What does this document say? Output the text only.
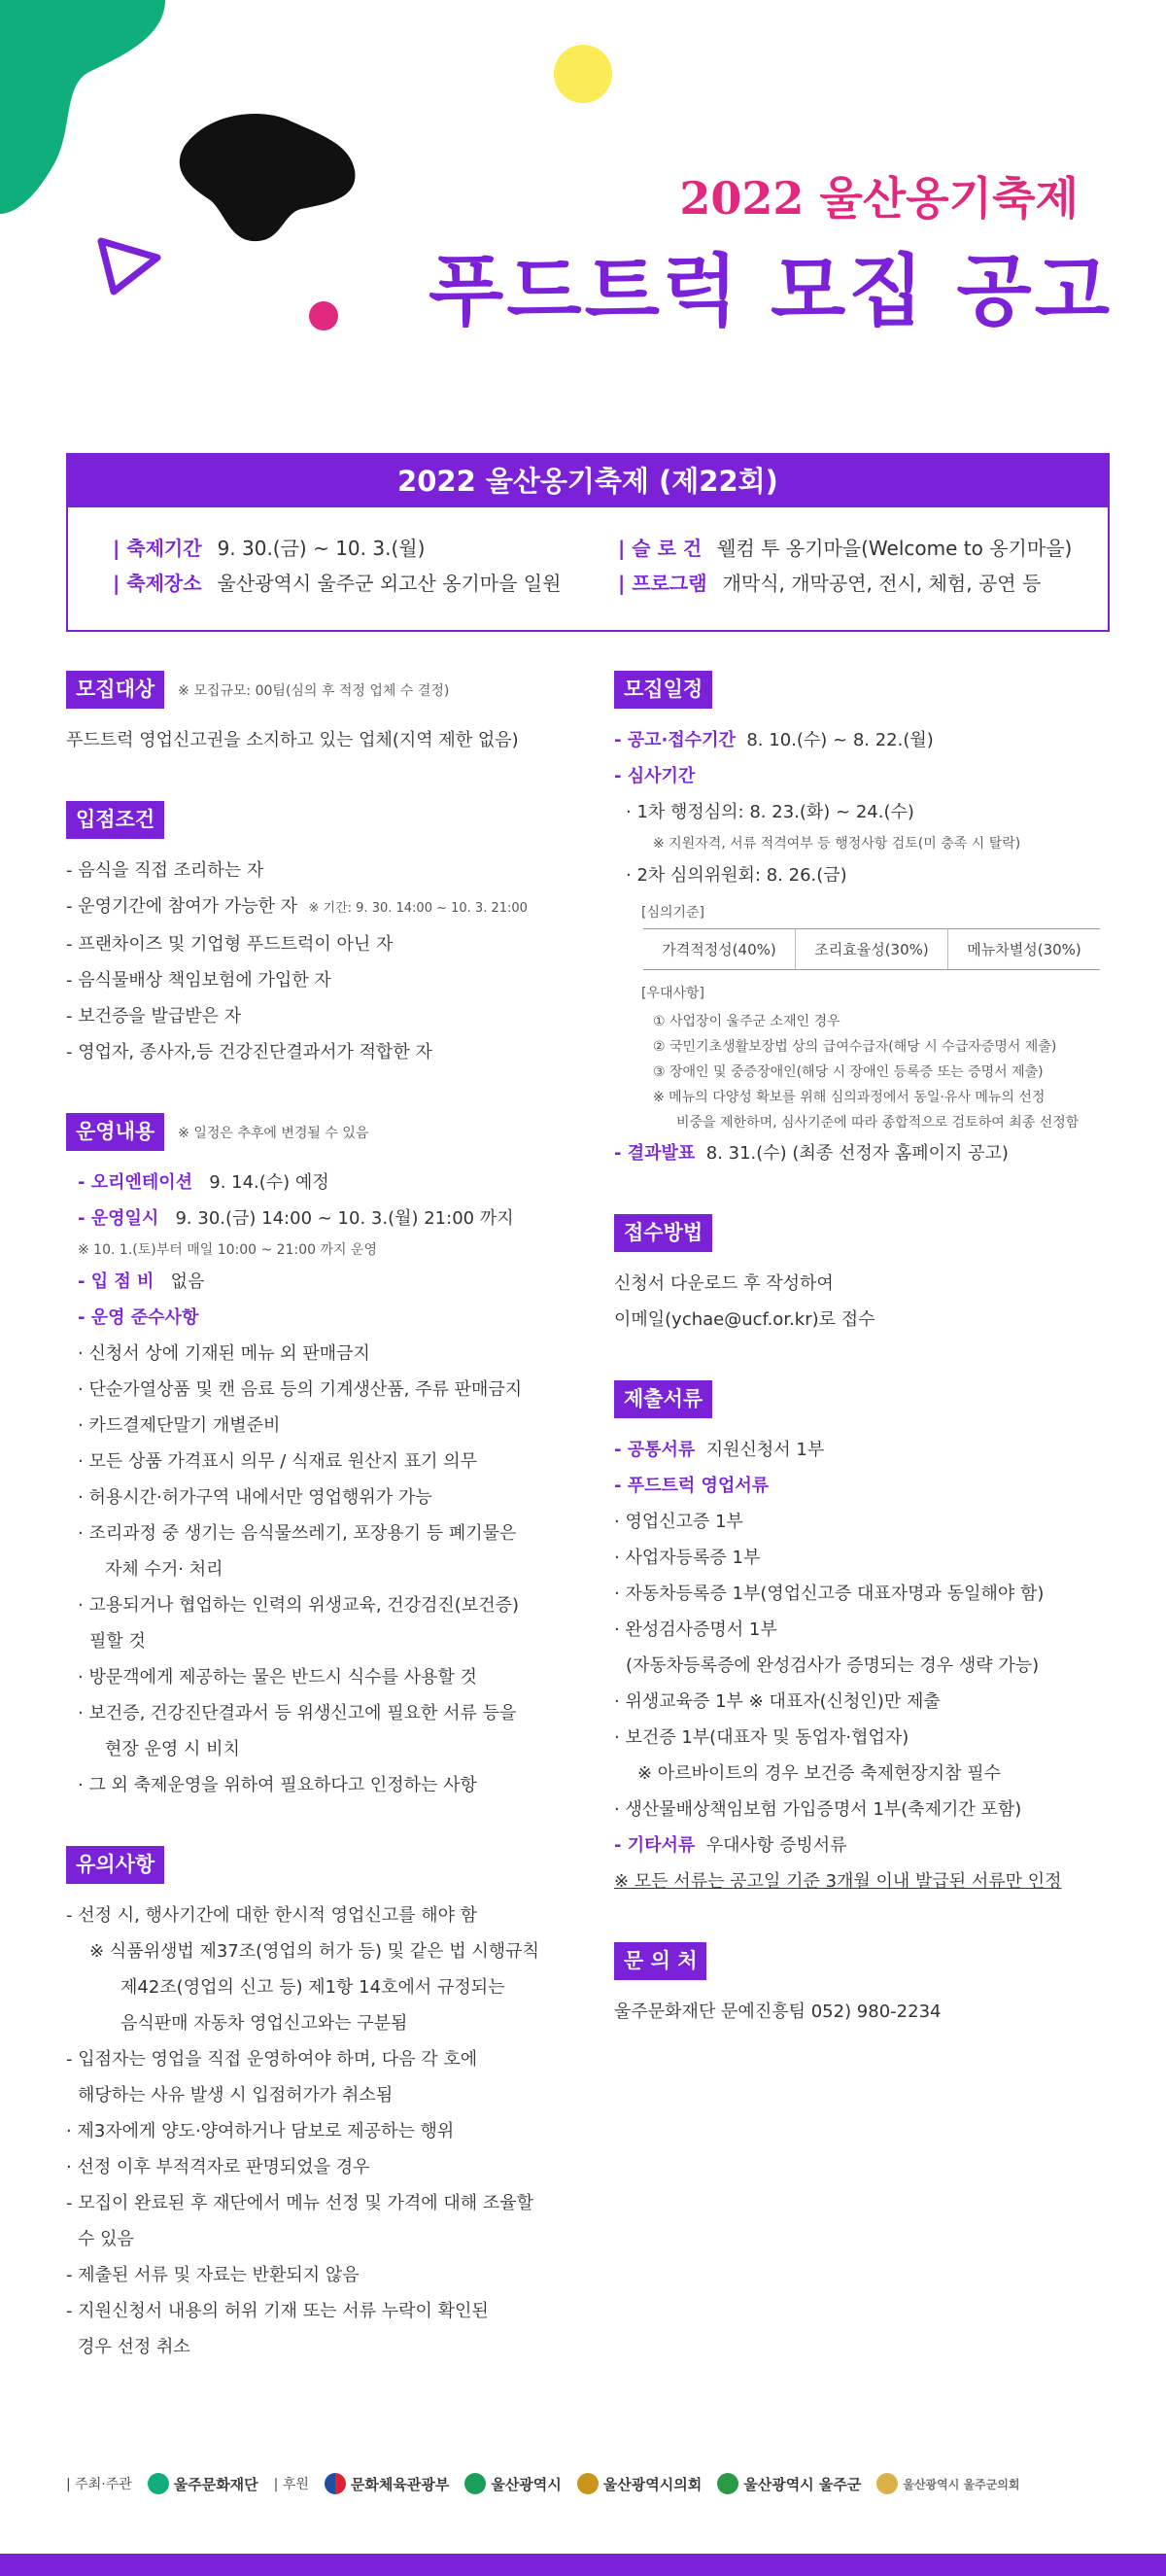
2022 울산옹기축제
푸드트럭 모집 공고
2022 울산옹기축제 (제22회)
| 축제기간 9. 30.(금) ~ 10. 3.(월)	| 슬 로 건 웰컴 투 옹기마을(Welcome to 옹기마을)
| 축제장소 울산광역시 울주군 외고산 옹기마을 일원	| 프로그램 개막식, 개막공연, 전시, 체험, 공연 등
모집대상	※ 모집규모: 00팀(심의 후 적정 업체 수 결정)
푸드트럭 영업신고권을 소지하고 있는 업체(지역 제한 없음)
입점조건
- 음식을 직접 조리하는 자
- 운영기간에 참여가 가능한 자 ※ 기간: 9. 30. 14:00 ~ 10. 3. 21:00
- 프랜차이즈 및 기업형 푸드트럭이 아닌 자
- 음식물배상 책임보험에 가입한 자
- 보건증을 발급받은 자
- 영업자, 종사자,등 건강진단결과서가 적합한 자
운영내용	※ 일정은 추후에 변경될 수 있음
- 오리엔테이션 9. 14.(수) 예정
- 운영일시 9. 30.(금) 14:00 ~ 10. 3.(월) 21:00 까지
※ 10. 1.(토)부터 매일 10:00 ~ 21:00 까지 운영
- 입 점 비 없음
- 운영 준수사항
· 신청서 상에 기재된 메뉴 외 판매금지
· 단순가열상품 및 캔 음료 등의 기계생산품, 주류 판매금지
· 카드결제단말기 개별준비
· 모든 상품 가격표시 의무 / 식재료 원산지 표기 의무
· 허용시간·허가구역 내에서만 영업행위가 가능
· 조리과정 중 생기는 음식물쓰레기, 포장용기 등 폐기물은
자체 수거· 처리
· 고용되거나 협업하는 인력의 위생교육, 건강검진(보건증)
필할 것
· 방문객에게 제공하는 물은 반드시 식수를 사용할 것
· 보건증, 건강진단결과서 등 위생신고에 필요한 서류 등을
현장 운영 시 비치
· 그 외 축제운영을 위하여 필요하다고 인정하는 사항
유의사항
- 선정 시, 행사기간에 대한 한시적 영업신고를 해야 함
※ 식품위생법 제37조(영업의 허가 등) 및 같은 법 시행규칙
제42조(영업의 신고 등) 제1항 14호에서 규정되는
음식판매 자동차 영업신고와는 구분됨
- 입점자는 영업을 직접 운영하여야 하며, 다음 각 호에
해당하는 사유 발생 시 입점허가가 취소됨
· 제3자에게 양도·양여하거나 담보로 제공하는 행위
· 선정 이후 부적격자로 판명되었을 경우
- 모집이 완료된 후 재단에서 메뉴 선정 및 가격에 대해 조율할
수 있음
- 제출된 서류 및 자료는 반환되지 않음
- 지원신청서 내용의 허위 기재 또는 서류 누락이 확인된
경우 선정 취소
모집일정
- 공고·접수기간 8. 10.(수) ~ 8. 22.(월)
- 심사기간
· 1차 행정심의: 8. 23.(화) ~ 24.(수)
※ 지원자격, 서류 적격여부 등 행정사항 검토(미 충족 시 탈락)
· 2차 심의위원회: 8. 26.(금)
[심의기준]
가격적정성(40%)	조리효율성(30%)	메뉴차별성(30%)
[우대사항]
① 사업장이 울주군 소재인 경우
② 국민기초생활보장법 상의 급여수급자(해당 시 수급자증명서 제출)
③ 장애인 및 중증장애인(해당 시 장애인 등록증 또는 증명서 제출)
※ 메뉴의 다양성 확보를 위해 심의과정에서 동일·유사 메뉴의 선정
비중을 제한하며, 심사기준에 따라 종합적으로 검토하여 최종 선정함
- 결과발표 8. 31.(수) (최종 선정자 홈페이지 공고)
접수방법
신청서 다운로드 후 작성하여
이메일(ychae@ucf.or.kr)로 접수
제출서류
- 공통서류 지원신청서 1부
- 푸드트럭 영업서류
· 영업신고증 1부
· 사업자등록증 1부
· 자동차등록증 1부(영업신고증 대표자명과 동일해야 함)
· 완성검사증명서 1부
(자동차등록증에 완성검사가 증명되는 경우 생략 가능)
· 위생교육증 1부 ※ 대표자(신청인)만 제출
· 보건증 1부(대표자 및 동업자·협업자)
※ 아르바이트의 경우 보건증 축제현장지참 필수
· 생산물배상책임보험 가입증명서 1부(축제기간 포함)
- 기타서류 우대사항 증빙서류
※ 모든 서류는 공고일 기준 3개월 이내 발급된 서류만 인정
문 의 처
울주문화재단 문예진흥팀 052) 980-2234
| 주최·주관	울주문화재단 | 후원	문화체육관광부	울산광역시	울산광역시의회	울산광역시 울주군	울산광역시 울주군의회
